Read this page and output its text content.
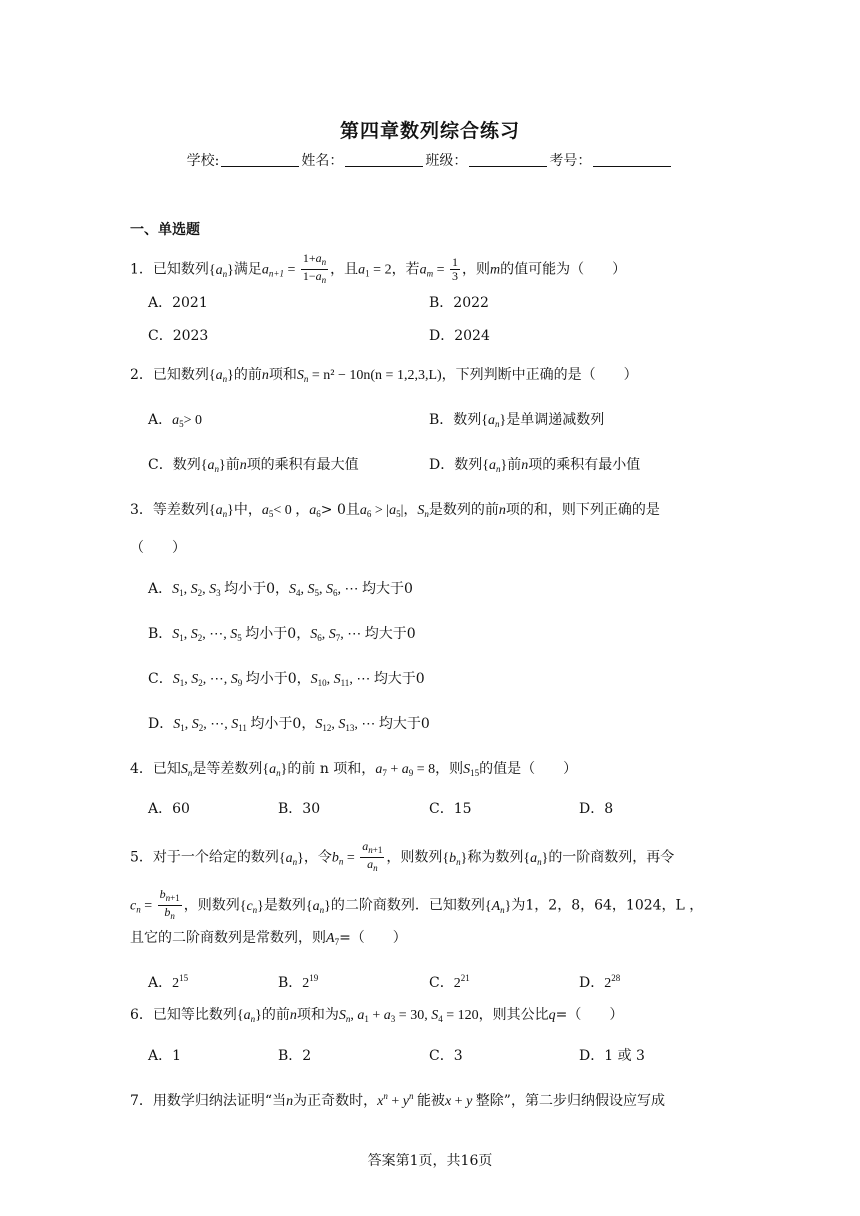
第四章数列综合练习
学校:	姓名：	班级：	考号：
一、单选题
1．已知数列$\{a_n\}$满足$a_{n+1} = \frac{1+a_n}{1-a_n}$ ，且$a_1 = 2$，若$a_m = \frac{1}{3}$ ，则m的值可能为（　　）
A．2021	B．2022
C．2023	D．2024
2．已知数列$\{a_n\}$的前n项和$S_n = n^2 - 10n(n = 1,2,3,L)$，下列判断中正确的是（　　）
A．$a_5> 0$	B．数列$\{a_n\}$是单调递减数列
C．数列$\{a_n\}$前n项的乘积有最大值	D．数列$\{a_n\}$前n项的乘积有最小值
3．等差数列$\{a_n\}$中，$a_5< 0$ ，$a_6> 0$且$a_6 > |a_5|$，$S_n$是数列的前n项的和，则下列正确的是
（　　）
A．$S_1$, $S_2$, $S_3$ 均小于0，$S_4$, $S_5$, $S_6$, ⋯ 均大于0
B．$S_1$, $S_2$, ⋯, $S_5$ 均小于0，$S_6$, $S_7$, ⋯ 均大于0
C．$S_1$, $S_2$, ⋯, $S_9$ 均小于0，$S_{10}$, $S_{11}$, ⋯ 均大于0
D．$S_1$, $S_2$, ⋯, $S_{11}$ 均小于0，$S_{12}$, $S_{13}$, ⋯ 均大于0
4．已知$S_n$是等差数列$\{a_n\}$的前 n 项和，$a_7 + a_9 = 8$，则$S_{15}$的值是（　　）
A．60	B．30	C．15	D．8
5．对于一个给定的数列$\{a_n\}$，令$b_n = \frac{a_{n+1}}{a_n}$ ，则数列$\{b_n\}$称为数列$\{a_n\}$的一阶商数列，再令
$c_n = \frac{b_{n+1}}{b_n}$ ，则数列$\{c_n\}$是数列$\{a_n\}$的二阶商数列．已知数列$\{A_n\}$为1，2，8，64，1024，L ，
且它的二阶商数列是常数列，则$A_7=$（　　）
A．$2^{15}$	B．$2^{19}$	C．$2^{21}$	D．$2^{28}$
6．已知等比数列$\{a_n\}$的前n项和为$S_n$, $a_1 + a_3 = 30$, $S_4 = 120$，则其公比q=（　　）
A．1	B．2	C．3	D．1 或 3
7．用数学归纳法证明“当n为正奇数时，$x^n + y^n$ 能被x + y 整除”，第二步归纳假设应写成
答案第1页，共16页
